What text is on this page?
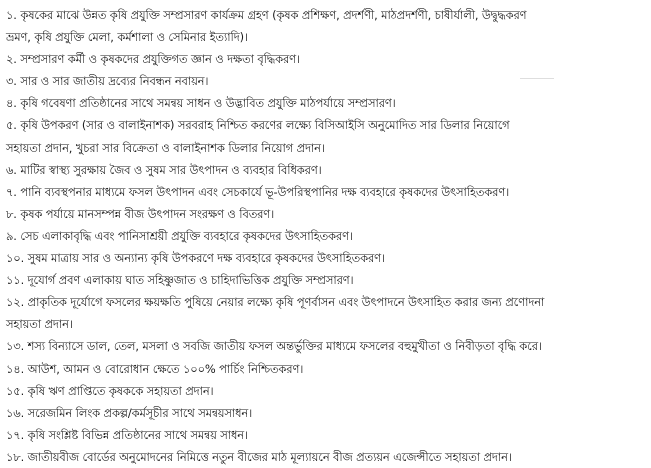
১. কৃষকের মাঝে উন্নত কৃষি প্রযুক্তি সম্প্রসারণ কার্যক্রম গ্রহণ (কৃষক প্রশিক্ষণ, প্রদর্শণী, মাঠপ্রদর্শণী, চাষীর্যালী, উদ্বুদ্ধকরণ
ভ্রমণ, কৃষি প্রযুক্তি মেলা, কর্মশালা ও সেমিনার ইত্যাদি)।
২. সম্প্রসারণ কর্মী ও কৃষকদের প্রযুক্তিগত জ্ঞান ও দক্ষতা বৃদ্ধিকরণ।
৩. সার ও সার জাতীয় দ্রব্যের নিবন্ধন নবায়ন।
৪. কৃষি গবেষণা প্রতিষ্ঠানের সাথে সমন্বয় সাধন ও উদ্ভাবিত প্রযুক্তি মাঠপর্যায়ে সম্প্রসারণ।
৫. কৃষি উপকরণ (সার ও বালাইনাশক) সরবরাহ নিশ্চিত করণের লক্ষ্যে বিসিআইসি অনুমোদিত সার ডিলার নিয়োগে
সহায়তা প্রদান, খুচরা সার বিক্রেতা ও বালাইনাশক ডিলার নিয়োগ প্রদান।
৬. মাটির স্বাস্থ্য সুরক্ষায় জৈব ও সুষম সার উৎপাদন ও ব্যবহার বিধিকরণ।
৭. পানি ব্যবস্থপনার মাধ্যমে ফসল উৎপাদন এবং সেচকার্যে ভূ-উপরিস্থপানির দক্ষ ব্যবহারে কৃষকদের উৎসাহিতকরণ।
৮. কৃষক পর্যায়ে মানসম্পন্ন বীজ উৎপাদন সংরক্ষণ ও বিতরণ।
৯. সেচ এলাকাবৃদ্ধি এবং পানিসাশ্রয়ী প্রযুক্তি ব্যবহারে কৃষকদের উৎসাহিতকরণ।
১০. সুষম মাত্রায় সার ও অন্যান্য কৃষি উপকরণে দক্ষ ব্যবহারে কৃষকদের উৎসাহিতকরণ।
১১. দূযোর্গ প্রবণ এলাকায় ঘাত সহিষ্ণুজাত ও চাহিদাভিত্তিক প্রযুক্তি সম্প্রসারণ।
১২. প্রাকৃতিক দূর্যোগে ফসলের ক্ষয়ক্ষতি পুষিয়ে নেয়ার লক্ষ্যে কৃষি পূণর্বাসন এবং উৎপাদনে উৎসাহিত করার জন্য প্রণোদনা
সহায়তা প্রদান।
১৩. শস্য বিন্যাসে ডাল, তেল, মসলা ও সবজি জাতীয় ফসল অন্তর্ভুক্তির মাধ্যমে ফসলের বহুমুখীতা ও নিবীড়তা বৃদ্ধি করে।
১৪. আউশ, আমন ও বোরোধান ক্ষেতে ১০০% পার্চিং নিশ্চিতকরণ।
১৫. কৃষি ঋণ প্রাপ্তিতে কৃষককে সহায়তা প্রদান।
১৬. সরেজমিন লিংক প্রকল্প/কর্মসূচীর সাথে সমন্বয়সাধন।
১৭. কৃষি সংশ্লিষ্ট বিভিন্ন প্রতিষ্ঠানের সাথে সমন্বয় সাধন।
১৮. জাতীয়বীজ বোর্ডের অনুমোদনের নিমিত্তে নতুন বীজের মাঠ মূল্যায়নে বীজ প্রত্যয়ন এজেন্সীতে সহায়তা প্রদান।
